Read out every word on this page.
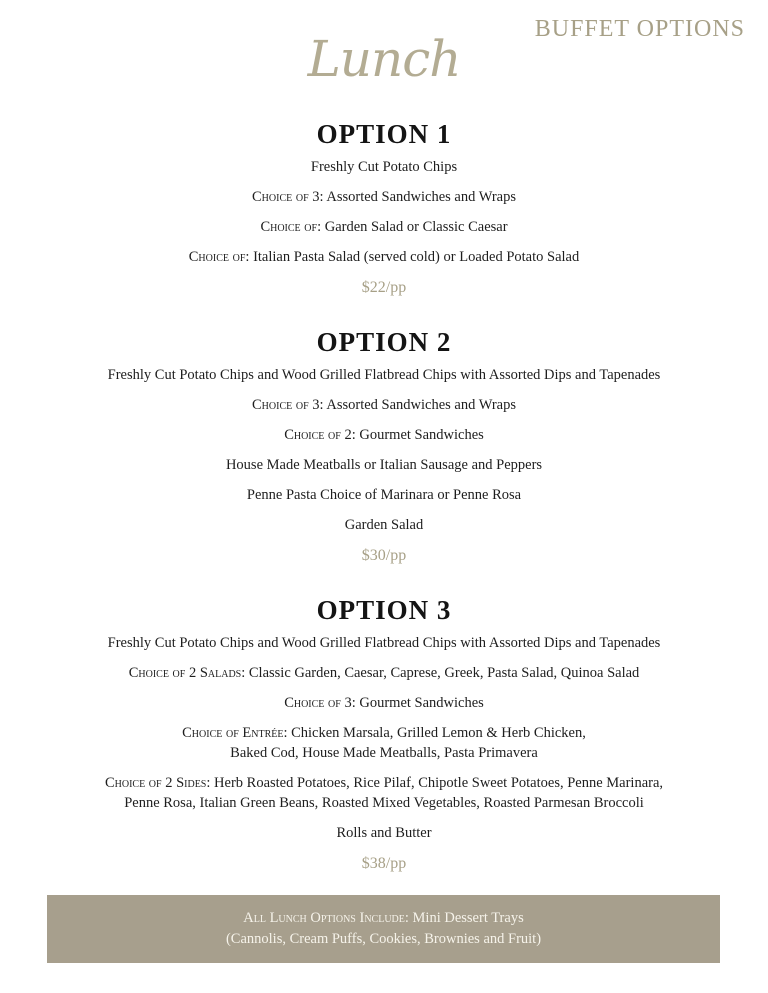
BUFFET OPTIONS
Lunch
OPTION 1
Freshly Cut Potato Chips
Choice of 3: Assorted Sandwiches and Wraps
Choice of: Garden Salad or Classic Caesar
Choice of: Italian Pasta Salad (served cold) or Loaded Potato Salad
$22/pp
OPTION 2
Freshly Cut Potato Chips and Wood Grilled Flatbread Chips with Assorted Dips and Tapenades
Choice of 3: Assorted Sandwiches and Wraps
Choice of 2: Gourmet Sandwiches
House Made Meatballs or Italian Sausage and Peppers
Penne Pasta Choice of Marinara or Penne Rosa
Garden Salad
$30/pp
OPTION 3
Freshly Cut Potato Chips and Wood Grilled Flatbread Chips with Assorted Dips and Tapenades
Choice of 2 Salads: Classic Garden, Caesar, Caprese, Greek, Pasta Salad, Quinoa Salad
Choice of 3: Gourmet Sandwiches
Choice of Entrée: Chicken Marsala, Grilled Lemon & Herb Chicken,
Baked Cod, House Made Meatballs, Pasta Primavera
Choice of 2 Sides: Herb Roasted Potatoes, Rice Pilaf, Chipotle Sweet Potatoes, Penne Marinara,
Penne Rosa, Italian Green Beans, Roasted Mixed Vegetables, Roasted Parmesan Broccoli
Rolls and Butter
$38/pp
All Lunch Options Include: Mini Dessert Trays
(Cannolis, Cream Puffs, Cookies, Brownies and Fruit)
